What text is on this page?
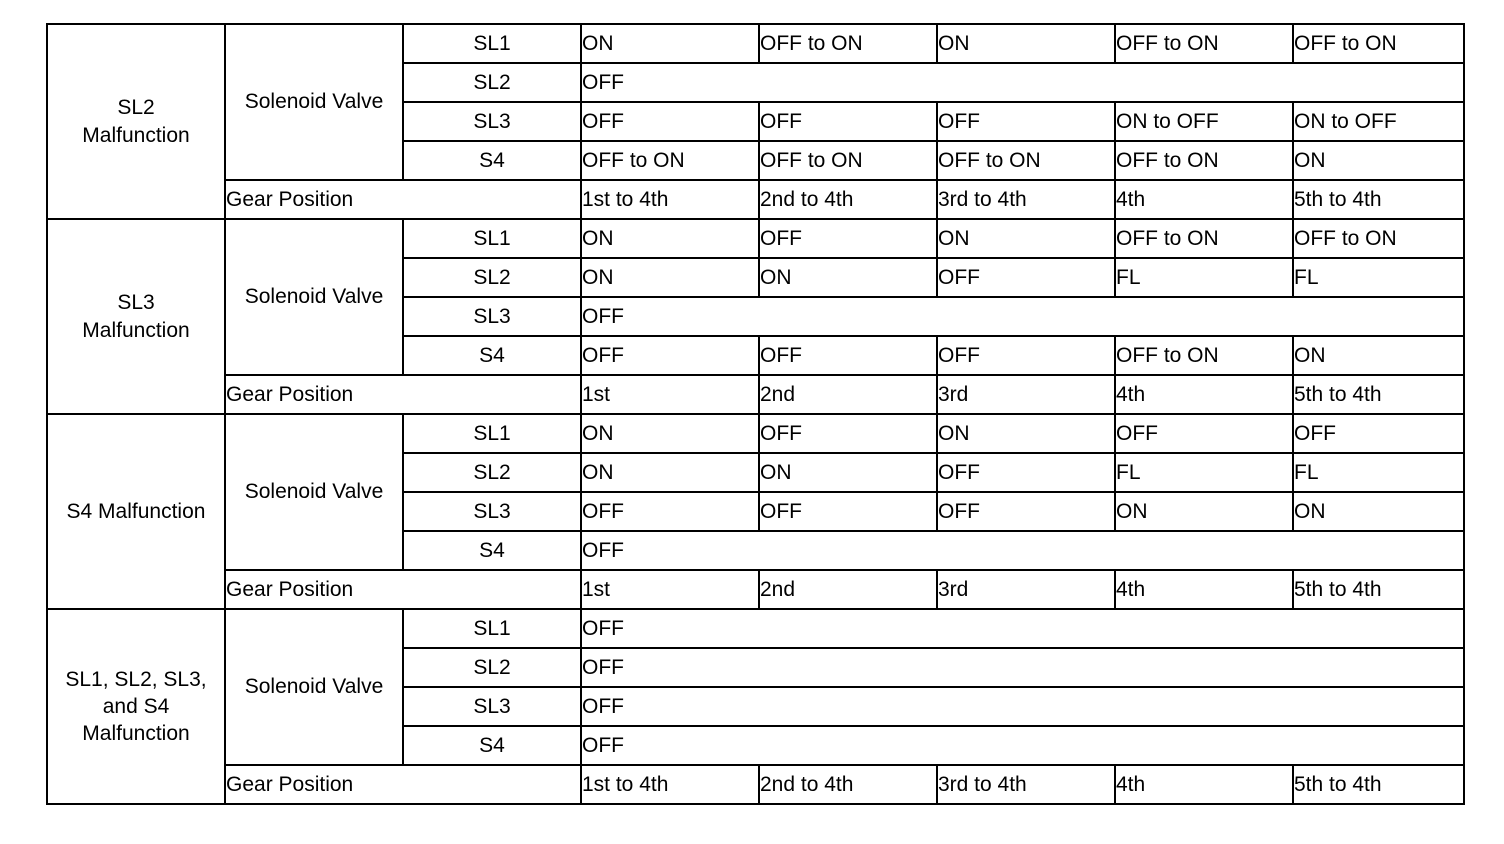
SL2
Malfunction	Solenoid Valve	SL1	ON	OFF to ON	ON	OFF to ON	OFF to ON
		SL2	OFF				
		SL3	OFF	OFF	OFF	ON to OFF	ON to OFF
		S4	OFF to ON	OFF to ON	OFF to ON	OFF to ON	ON
	Gear Position		1st to 4th	2nd to 4th	3rd to 4th	4th	5th to 4th

SL3
Malfunction	Solenoid Valve	SL1	ON	OFF	ON	OFF to ON	OFF to ON
		SL2	ON	ON	OFF	FL	FL
		SL3	OFF				
		S4	OFF	OFF	OFF	OFF to ON	ON
	Gear Position		1st	2nd	3rd	4th	5th to 4th

S4 Malfunction	Solenoid Valve	SL1	ON	OFF	ON	OFF	OFF
		SL2	ON	ON	OFF	FL	FL
		SL3	OFF	OFF	OFF	ON	ON
		S4	OFF				
	Gear Position		1st	2nd	3rd	4th	5th to 4th

SL1, SL2, SL3,
and S4
Malfunction	Solenoid Valve	SL1	OFF				
		SL2	OFF				
		SL3	OFF				
		S4	OFF				
	Gear Position		1st to 4th	2nd to 4th	3rd to 4th	4th	5th to 4th
